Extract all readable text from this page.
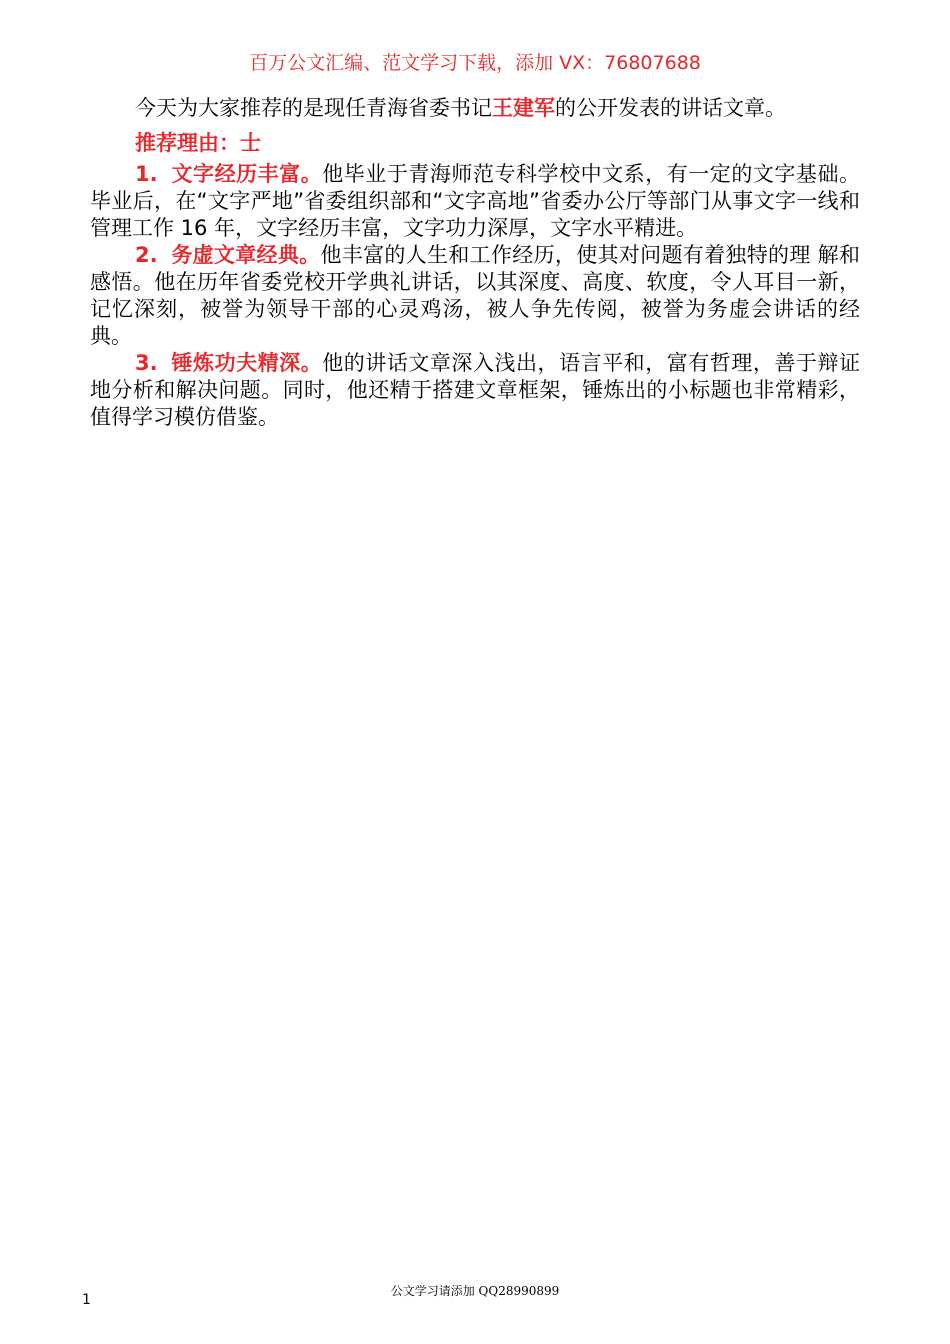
百万公文汇编、范文学习下载，添加 VX：76807688

今天为大家推荐的是现任青海省委书记王建军的公开发表的讲话文章。

推荐理由：士

1. 文字经历丰富。他毕业于青海师范专科学校中文系，有一定的文字基础。毕业后，在“文字严地”省委组织部和“文字高地”省委办公厅等部门从事文字一线和管理工作 16 年，文字经历丰富，文字功力深厚，文字水平精进。

2. 务虚文章经典。他丰富的人生和工作经历，使其对问题有着独特的理 解和感悟。他在历年省委党校开学典礼讲话，以其深度、高度、软度，令人耳目一新，记忆深刻，被誉为领导干部的心灵鸡汤，被人争先传阅，被誉为务虚会讲话的经典。

3. 锤炼功夫精深。他的讲话文章深入浅出，语言平和，富有哲理，善于辩证地分析和解决问题。同时，他还精于搭建文章框架，锤炼出的小标题也非常精彩，值得学习模仿借鉴。

1
公文学习请添加 QQ28990899
